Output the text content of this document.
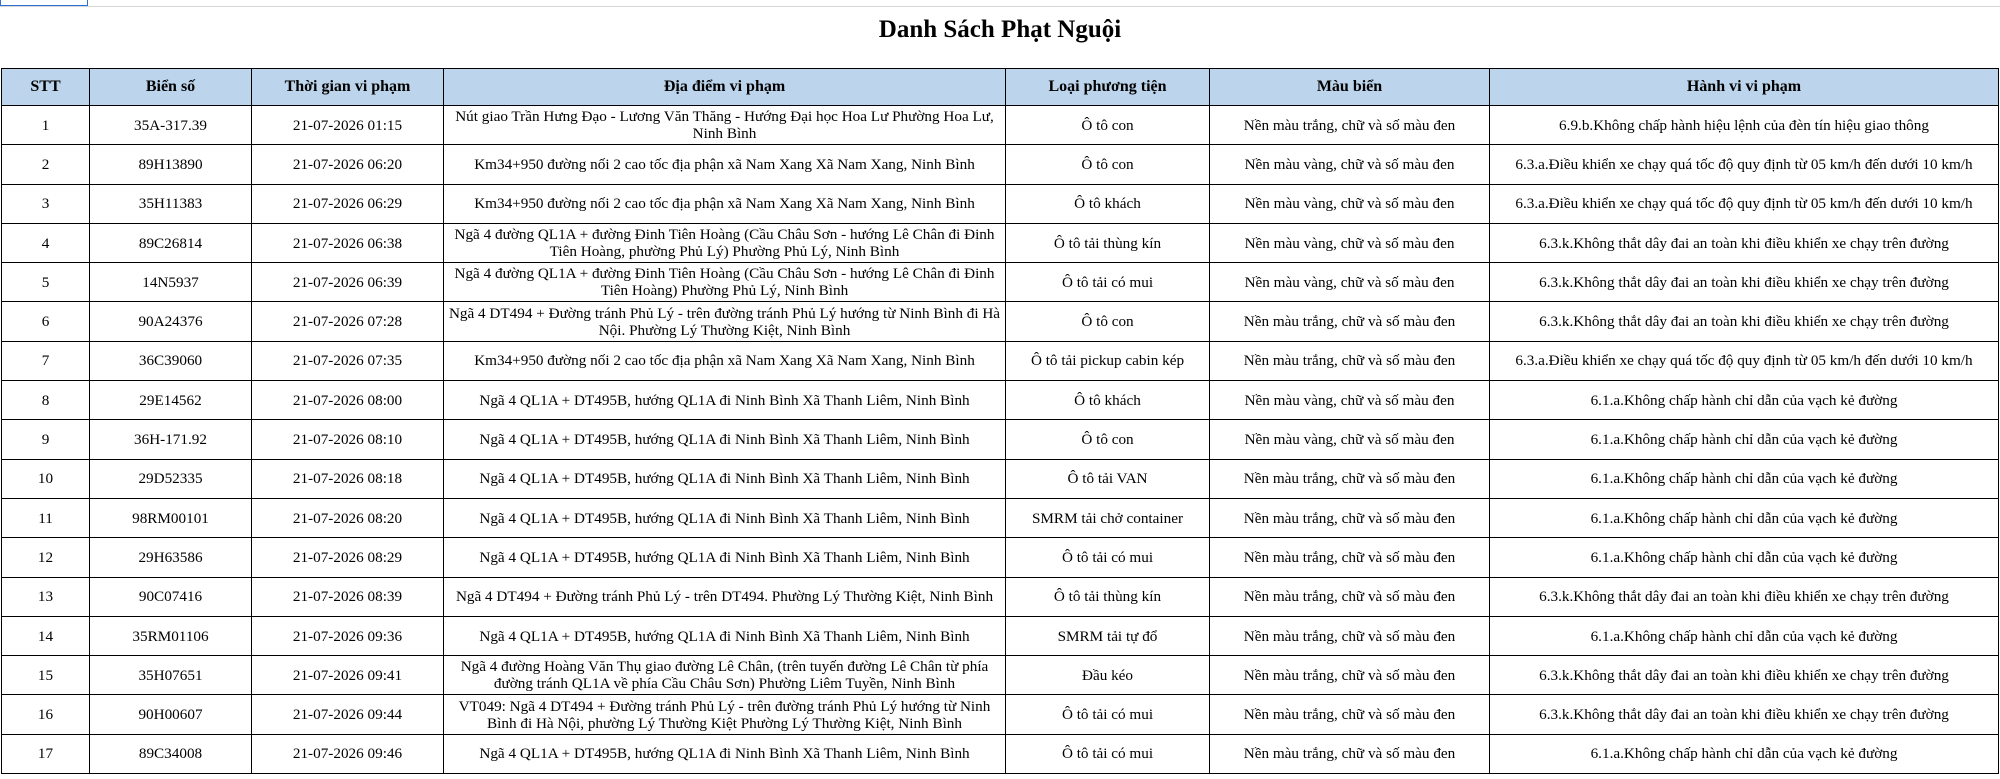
Danh Sách Phạt Nguội
STT	Biển số	Thời gian vi phạm	Địa điểm vi phạm	Loại phương tiện	Màu biển	Hành vi vi phạm
1	35A-317.39	21-07-2026 01:15	Nút giao Trần Hưng Đạo - Lương Văn Thăng - Hướng Đại học Hoa Lư Phường Hoa Lư, Ninh Bình	Ô tô con	Nền màu trắng, chữ và số màu đen	6.9.b.Không chấp hành hiệu lệnh của đèn tín hiệu giao thông
2	89H13890	21-07-2026 06:20	Km34+950 đường nối 2 cao tốc địa phận xã Nam Xang Xã Nam Xang, Ninh Bình	Ô tô con	Nền màu vàng, chữ và số màu đen	6.3.a.Điều khiển xe chạy quá tốc độ quy định từ 05 km/h đến dưới 10 km/h
3	35H11383	21-07-2026 06:29	Km34+950 đường nối 2 cao tốc địa phận xã Nam Xang Xã Nam Xang, Ninh Bình	Ô tô khách	Nền màu vàng, chữ và số màu đen	6.3.a.Điều khiển xe chạy quá tốc độ quy định từ 05 km/h đến dưới 10 km/h
4	89C26814	21-07-2026 06:38	Ngã 4 đường QL1A + đường Đinh Tiên Hoàng (Cầu Châu Sơn - hướng Lê Chân đi Đinh Tiên Hoàng, phường Phủ Lý) Phường Phủ Lý, Ninh Bình	Ô tô tải thùng kín	Nền màu vàng, chữ và số màu đen	6.3.k.Không thắt dây đai an toàn khi điều khiển xe chạy trên đường
5	14N5937	21-07-2026 06:39	Ngã 4 đường QL1A + đường Đinh Tiên Hoàng (Cầu Châu Sơn - hướng Lê Chân đi Đinh Tiên Hoàng) Phường Phủ Lý, Ninh Bình	Ô tô tải có mui	Nền màu vàng, chữ và số màu đen	6.3.k.Không thắt dây đai an toàn khi điều khiển xe chạy trên đường
6	90A24376	21-07-2026 07:28	Ngã 4 DT494 + Đường tránh Phủ Lý - trên đường tránh Phủ Lý hướng từ Ninh Bình đi Hà Nội. Phường Lý Thường Kiệt, Ninh Bình	Ô tô con	Nền màu trắng, chữ và số màu đen	6.3.k.Không thắt dây đai an toàn khi điều khiển xe chạy trên đường
7	36C39060	21-07-2026 07:35	Km34+950 đường nối 2 cao tốc địa phận xã Nam Xang Xã Nam Xang, Ninh Bình	Ô tô tải pickup cabin kép	Nền màu trắng, chữ và số màu đen	6.3.a.Điều khiển xe chạy quá tốc độ quy định từ 05 km/h đến dưới 10 km/h
8	29E14562	21-07-2026 08:00	Ngã 4 QL1A + DT495B, hướng QL1A đi Ninh Bình Xã Thanh Liêm, Ninh Bình	Ô tô khách	Nền màu vàng, chữ và số màu đen	6.1.a.Không chấp hành chỉ dẫn của vạch kẻ đường
9	36H-171.92	21-07-2026 08:10	Ngã 4 QL1A + DT495B, hướng QL1A đi Ninh Bình Xã Thanh Liêm, Ninh Bình	Ô tô con	Nền màu vàng, chữ và số màu đen	6.1.a.Không chấp hành chỉ dẫn của vạch kẻ đường
10	29D52335	21-07-2026 08:18	Ngã 4 QL1A + DT495B, hướng QL1A đi Ninh Bình Xã Thanh Liêm, Ninh Bình	Ô tô tải VAN	Nền màu trắng, chữ và số màu đen	6.1.a.Không chấp hành chỉ dẫn của vạch kẻ đường
11	98RM00101	21-07-2026 08:20	Ngã 4 QL1A + DT495B, hướng QL1A đi Ninh Bình Xã Thanh Liêm, Ninh Bình	SMRM tải chở container	Nền màu trắng, chữ và số màu đen	6.1.a.Không chấp hành chỉ dẫn của vạch kẻ đường
12	29H63586	21-07-2026 08:29	Ngã 4 QL1A + DT495B, hướng QL1A đi Ninh Bình Xã Thanh Liêm, Ninh Bình	Ô tô tải có mui	Nền màu trắng, chữ và số màu đen	6.1.a.Không chấp hành chỉ dẫn của vạch kẻ đường
13	90C07416	21-07-2026 08:39	Ngã 4 DT494 + Đường tránh Phủ Lý - trên DT494. Phường Lý Thường Kiệt, Ninh Bình	Ô tô tải thùng kín	Nền màu trắng, chữ và số màu đen	6.3.k.Không thắt dây đai an toàn khi điều khiển xe chạy trên đường
14	35RM01106	21-07-2026 09:36	Ngã 4 QL1A + DT495B, hướng QL1A đi Ninh Bình Xã Thanh Liêm, Ninh Bình	SMRM tải tự đổ	Nền màu trắng, chữ và số màu đen	6.1.a.Không chấp hành chỉ dẫn của vạch kẻ đường
15	35H07651	21-07-2026 09:41	Ngã 4 đường Hoàng Văn Thụ giao đường Lê Chân, (trên tuyến đường Lê Chân từ phía đường tránh QL1A về phía Cầu Châu Sơn) Phường Liêm Tuyền, Ninh Bình	Đầu kéo	Nền màu trắng, chữ và số màu đen	6.3.k.Không thắt dây đai an toàn khi điều khiển xe chạy trên đường
16	90H00607	21-07-2026 09:44	VT049: Ngã 4 DT494 + Đường tránh Phủ Lý - trên đường tránh Phủ Lý hướng từ Ninh Bình đi Hà Nội, phường Lý Thường Kiệt Phường Lý Thường Kiệt, Ninh Bình	Ô tô tải có mui	Nền màu trắng, chữ và số màu đen	6.3.k.Không thắt dây đai an toàn khi điều khiển xe chạy trên đường
17	89C34008	21-07-2026 09:46	Ngã 4 QL1A + DT495B, hướng QL1A đi Ninh Bình Xã Thanh Liêm, Ninh Bình	Ô tô tải có mui	Nền màu trắng, chữ và số màu đen	6.1.a.Không chấp hành chỉ dẫn của vạch kẻ đường
